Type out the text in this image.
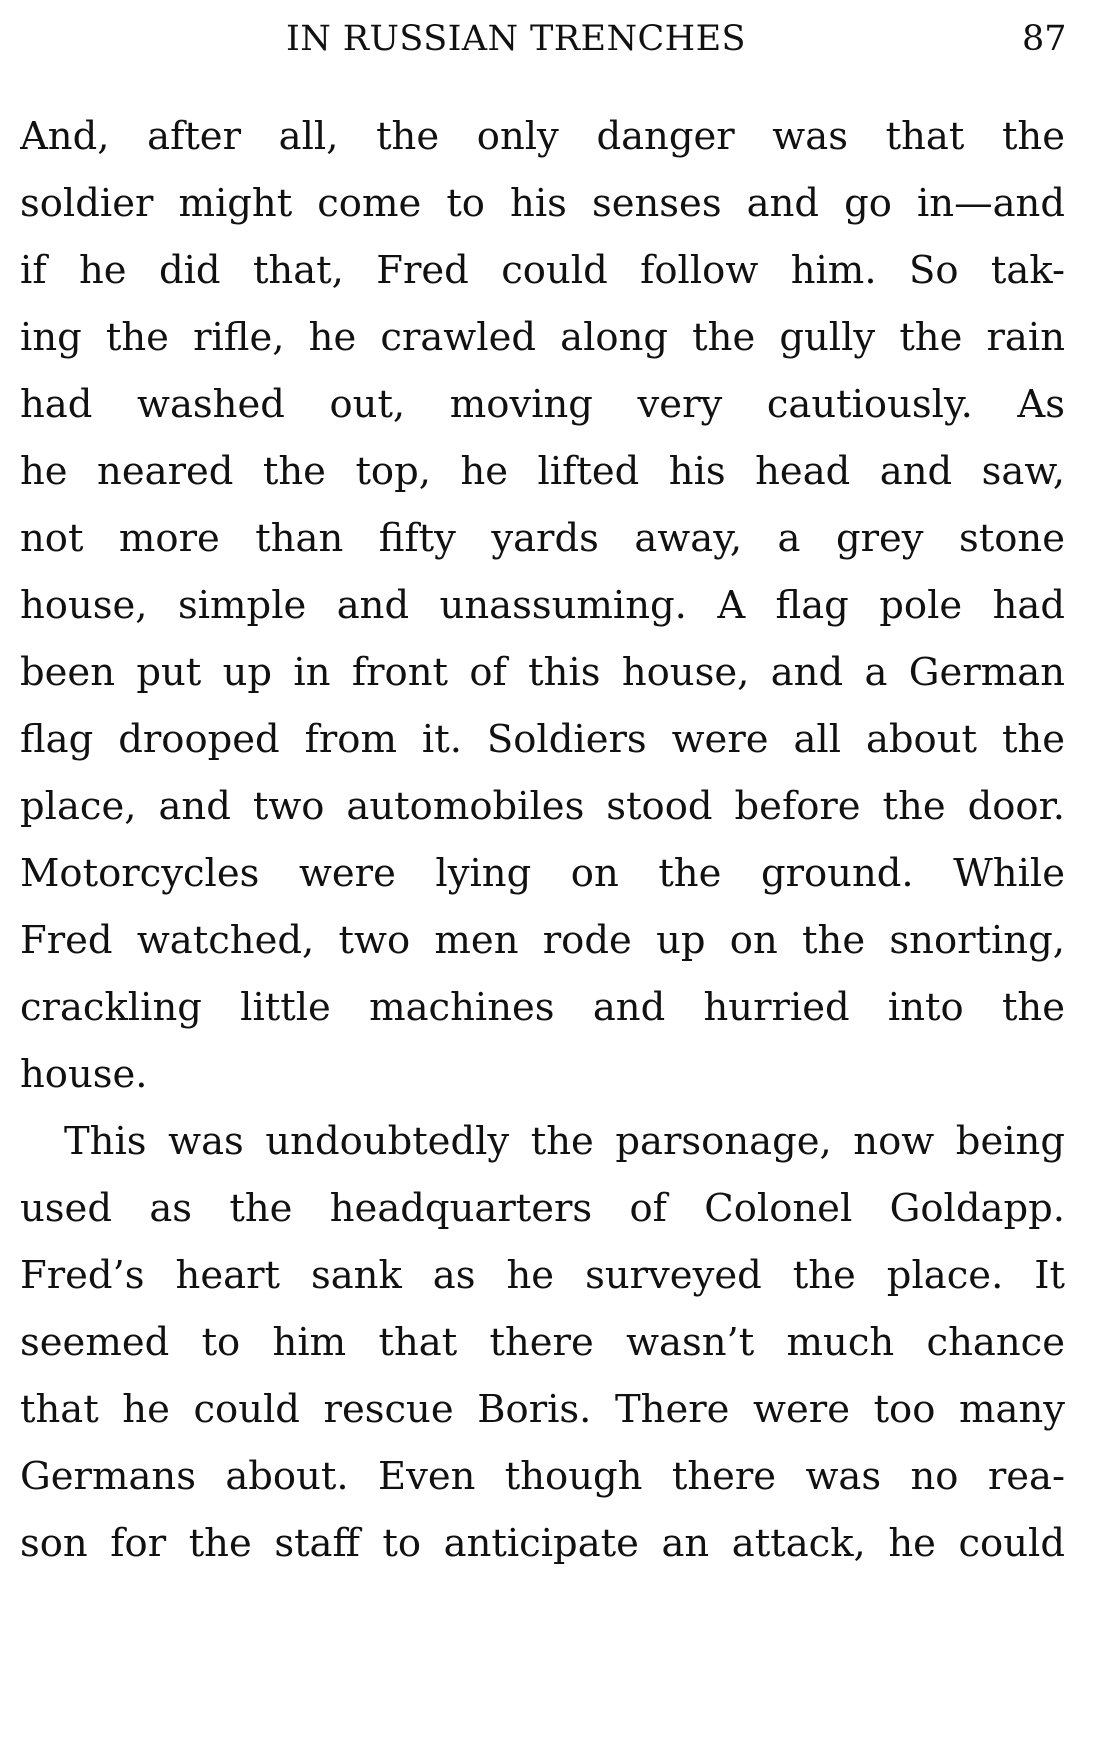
IN RUSSIAN TRENCHES	87
And, after all, the only danger was that the
soldier might come to his senses and go in—and
if he did that, Fred could follow him. So tak-
ing the rifle, he crawled along the gully the rain
had washed out, moving very cautiously. As
he neared the top, he lifted his head and saw,
not more than fifty yards away, a grey stone
house, simple and unassuming. A flag pole had
been put up in front of this house, and a German
flag drooped from it. Soldiers were all about the
place, and two automobiles stood before the door.
Motorcycles were lying on the ground. While
Fred watched, two men rode up on the snorting,
crackling little machines and hurried into the
house.
This was undoubtedly the parsonage, now being
used as the headquarters of Colonel Goldapp.
Fred’s heart sank as he surveyed the place. It
seemed to him that there wasn’t much chance
that he could rescue Boris. There were too many
Germans about. Even though there was no rea-
son for the staff to anticipate an attack, he could
